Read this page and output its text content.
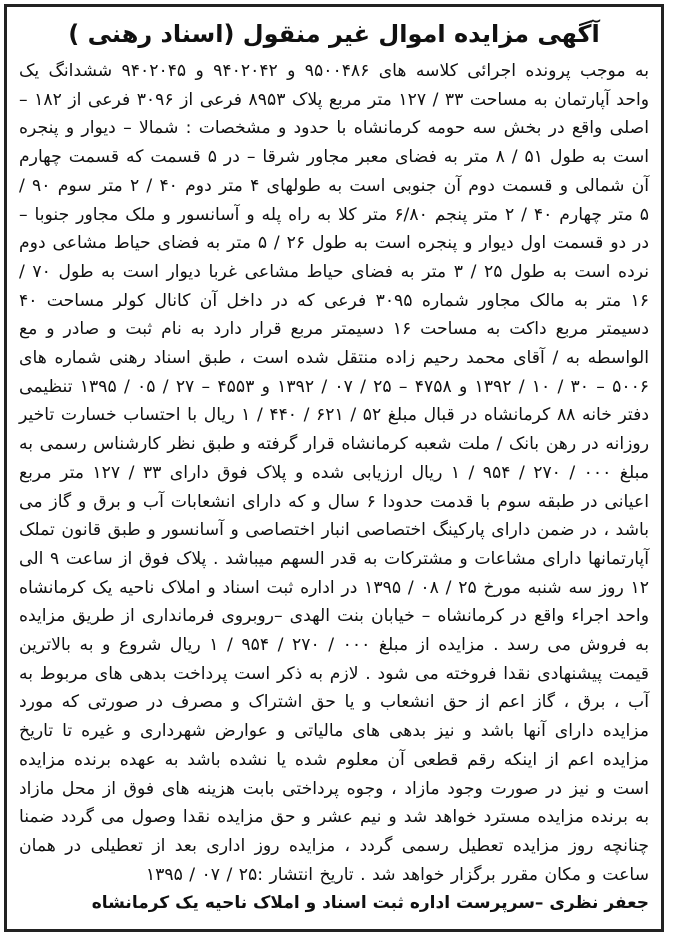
آگهی مزایده اموال غیر منقول (اسناد رهنی )

به موجب پرونده اجرائی کلاسه های ۹۵۰۰۴۸۶ و ۹۴۰۲۰۴۲ و ۹۴۰۲۰۴۵ ششدانگ یک واحد آپارتمان به مساحت ۳۳ / ۱۲۷ متر مربع پلاک ۸۹۵۳ فرعی از ۳۰۹۶ فرعی از ۱۸۲ – اصلی واقع در بخش سه حومه کرمانشاه با حدود و مشخصات : شمالا – دیوار و پنجره است به طول ۵۱ / ۸ متر به فضای معبر مجاور شرقا – در ۵ قسمت که قسمت چهارم آن شمالی و قسمت دوم آن جنوبی است به طولهای ۴ متر دوم ۴۰ / ۲ متر سوم ۹۰ / ۵ متر چهارم ۴۰ / ۲ متر پنجم ۶/۸۰ متر کلا به راه پله و آسانسور و ملک مجاور جنوبا – در دو قسمت اول دیوار و پنجره است به طول ۲۶ / ۵ متر به فضای حیاط مشاعی دوم نرده است به طول ۲۵ / ۳ متر به فضای حیاط مشاعی غربا دیوار است به طول ۷۰ / ۱۶ متر به مالک مجاور شماره ۳۰۹۵ فرعی که در داخل آن کانال کولر مساحت ۴۰ دسیمتر مربع داکت به مساحت ۱۶ دسیمتر مربع قرار دارد به نام ثبت و صادر و مع الواسطه به / آقای محمد رحیم زاده منتقل شده است ، طبق اسناد رهنی شماره های ۵۰۰۶ – ۳۰ / ۱۰ / ۱۳۹۲ و ۴۷۵۸ – ۲۵ / ۰۷ / ۱۳۹۲ و ۴۵۵۳ – ۲۷ / ۰۵ / ۱۳۹۵ تنظیمی دفتر خانه ۸۸ کرمانشاه در قبال مبلغ ۵۲ / ۶۲۱ / ۴۴۰ / ۱ ریال با احتساب خسارت تاخیر روزانه در رهن بانک / ملت شعبه کرمانشاه قرار گرفته و طبق نظر کارشناس رسمی به مبلغ ۰۰۰ / ۲۷۰ / ۹۵۴ / ۱ ریال ارزیابی شده و پلاک فوق دارای ۳۳ / ۱۲۷ متر مربع اعیانی در طبقه سوم با قدمت حدودا ۶ سال و که دارای انشعابات آب و برق و گاز می باشد ، در ضمن دارای پارکینگ اختصاصی انبار اختصاصی و آسانسور و طبق قانون تملک آپارتمانها دارای مشاعات و مشترکات به قدر السهم میباشد . پلاک فوق از ساعت ۹ الی ۱۲ روز سه شنبه مورخ ۲۵ / ۰۸ / ۱۳۹۵ در اداره ثبت اسناد و املاک ناحیه یک کرمانشاه واحد اجراء واقع در کرمانشاه – خیابان بنت الهدی –روبروی فرمانداری از طریق مزایده به فروش می رسد . مزایده از مبلغ ۰۰۰ / ۲۷۰ / ۹۵۴ / ۱ ریال شروع و به بالاترین قیمت پیشنهادی نقدا فروخته می شود . لازم به ذکر است پرداخت بدهی های مربوط به آب ، برق ، گاز اعم از حق انشعاب و یا حق اشتراک و مصرف در صورتی که مورد مزایده دارای آنها باشد و نیز بدهی های مالیاتی و عوارض شهرداری و غیره تا تاریخ مزایده اعم از اینکه رقم قطعی آن معلوم شده یا نشده باشد به عهده برنده مزایده است و نیز در صورت وجود مازاد ، وجوه پرداختی بابت هزینه های فوق از محل مازاد به برنده مزایده مسترد خواهد شد و نیم عشر و حق مزایده نقدا وصول می گردد ضمنا چنانچه روز مزایده تعطیل رسمی گردد ، مزایده روز اداری بعد از تعطیلی در همان ساعت و مکان مقرر برگزار خواهد شد . تاریخ انتشار :۲۵ / ۰۷ / ۱۳۹۵

جعفر نظری –سرپرست اداره ثبت اسناد و املاک ناحیه یک کرمانشاه
